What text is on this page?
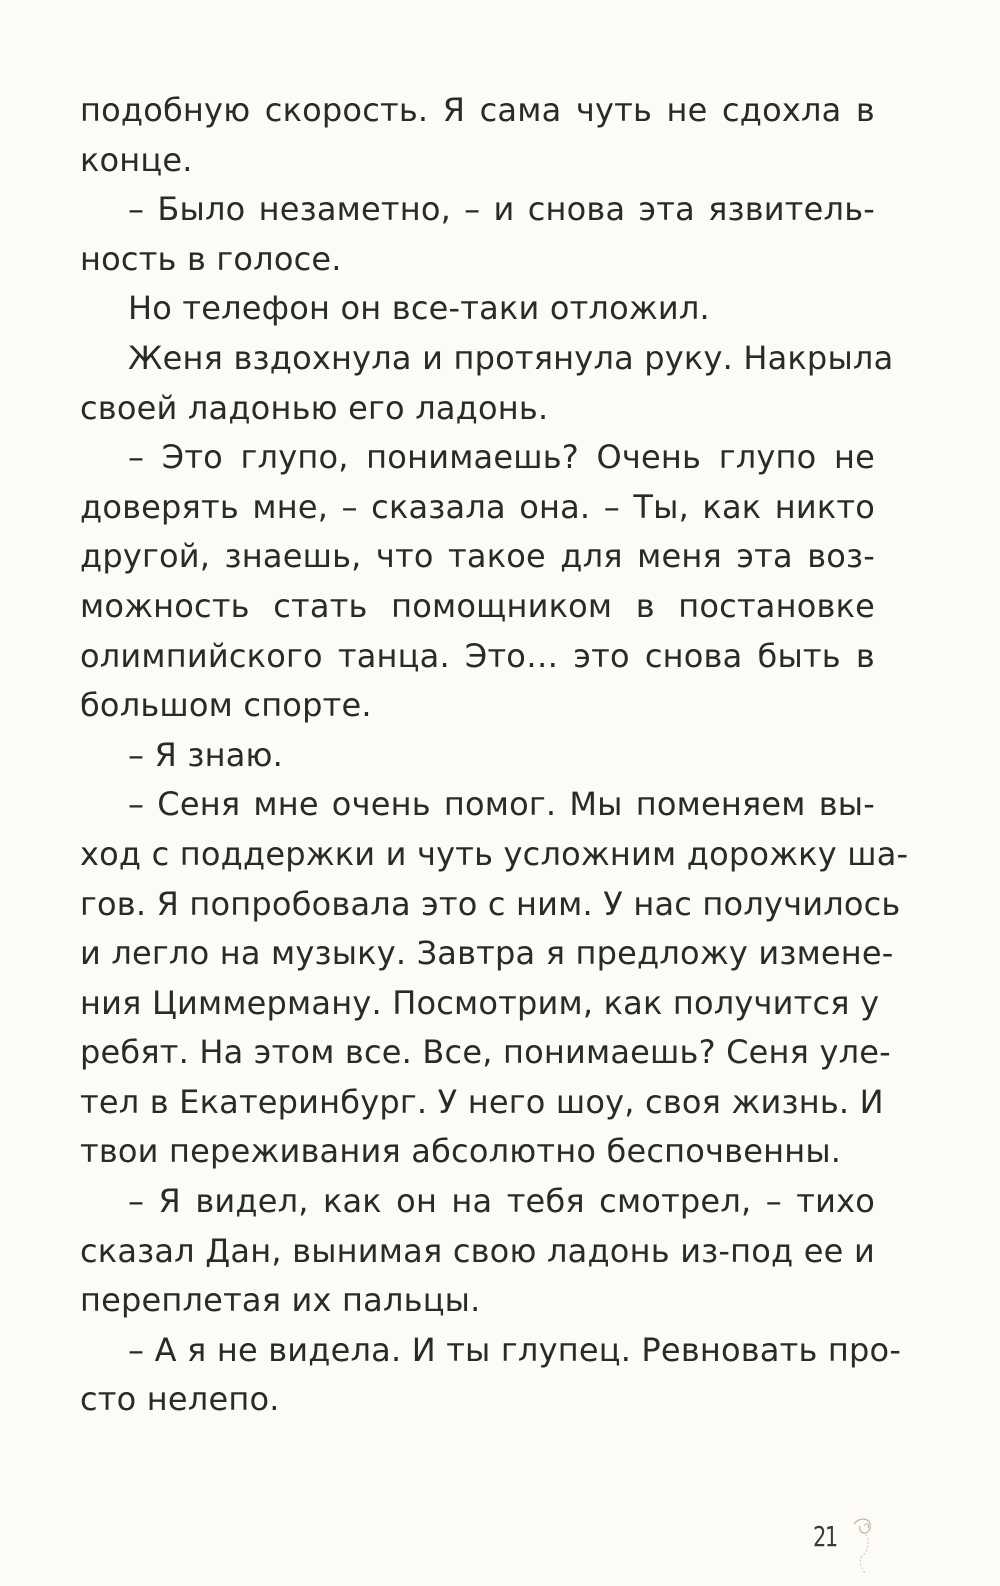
подобную скорость. Я сама чуть не сдохла в
конце.
– Было незаметно, – и снова эта язвитель-
ность в голосе.
Но телефон он все-таки отложил.
Женя вздохнула и протянула руку. Накрыла
своей ладонью его ладонь.
– Это глупо, понимаешь? Очень глупо не
доверять мне, – сказала она. – Ты, как никто
другой, знаешь, что такое для меня эта воз-
можность стать помощником в постановке
олимпийского танца. Это… это снова быть в
большом спорте.
– Я знаю.
– Сеня мне очень помог. Мы поменяем вы-
ход с поддержки и чуть усложним дорожку ша-
гов. Я попробовала это с ним. У нас получилось
и легло на музыку. Завтра я предложу измене-
ния Циммерману. Посмотрим, как получится у
ребят. На этом все. Все, понимаешь? Сеня уле-
тел в Екатеринбург. У него шоу, своя жизнь. И
твои переживания абсолютно беспочвенны.
– Я видел, как он на тебя смотрел, – тихо
сказал Дан, вынимая свою ладонь из-под ее и
переплетая их пальцы.
– А я не видела. И ты глупец. Ревновать про-
сто нелепо.
21
